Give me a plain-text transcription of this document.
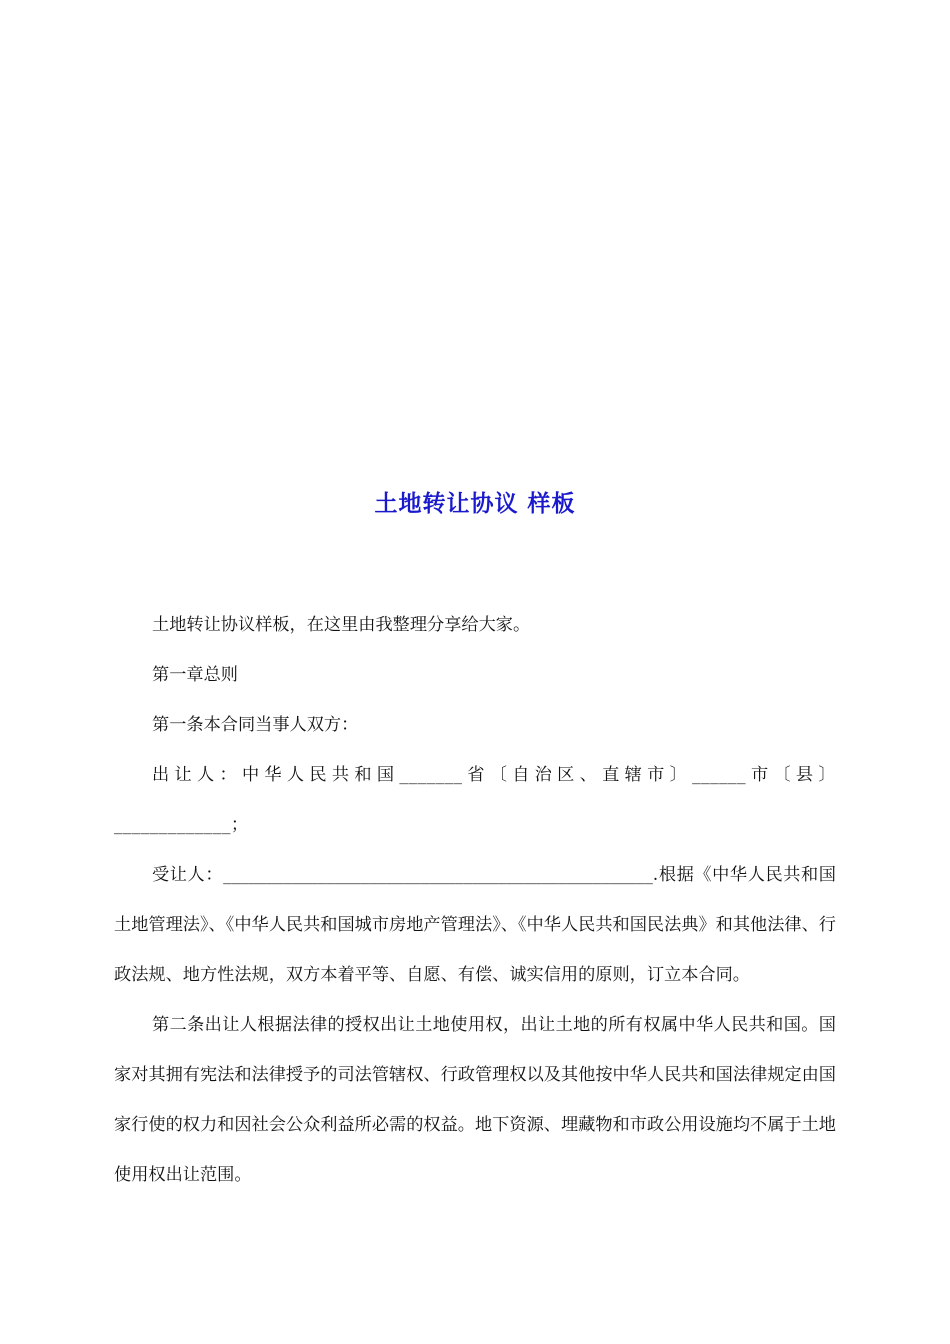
土地转让协议 样板

土地转让协议样板，在这里由我整理分享给大家。

第一章总则

第一条本合同当事人双方：

出让人：中华人民共和国_______省〔自治区、直辖市〕______市〔县〕_____________；

受让人：__________________________________________________.根据《中华人民共和国土地管理法》、《中华人民共和国城市房地产管理法》、《中华人民共和国民法典》和其他法律、行政法规、地方性法规，双方本着平等、自愿、有偿、诚实信用的原则，订立本合同。

第二条出让人根据法律的授权出让土地使用权，出让土地的所有权属中华人民共和国。国家对其拥有宪法和法律授予的司法管辖权、行政管理权以及其他按中华人民共和国法律规定由国家行使的权力和因社会公众利益所必需的权益。地下资源、埋藏物和市政公用设施均不属于土地使用权出让范围。
